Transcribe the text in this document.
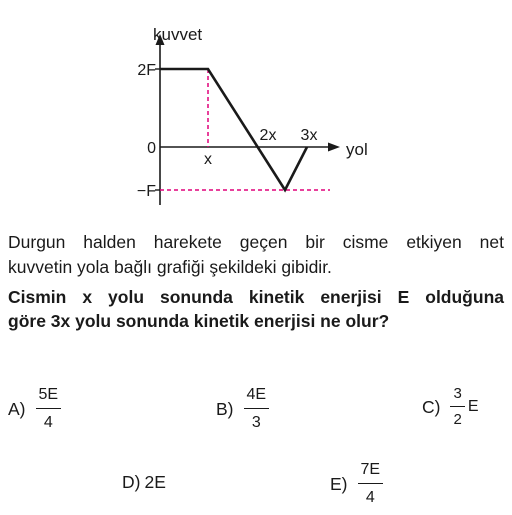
kuvvet
yol
2F
0
−F
x
2x 3x
Durgun halden harekete geçen bir cisme etkiyen net
kuvvetin yola bağlı grafiği şekildeki gibidir.
Cismin x yolu sonunda kinetik enerjisi E olduğuna
göre 3x yolu sonunda kinetik enerjisi ne olur?
$A) \frac{5E}{4}$	$B) \frac{4E}{3}$	$C) \frac{3}{2}$ E
D) 2E	$E) \frac{7E}{4}$
